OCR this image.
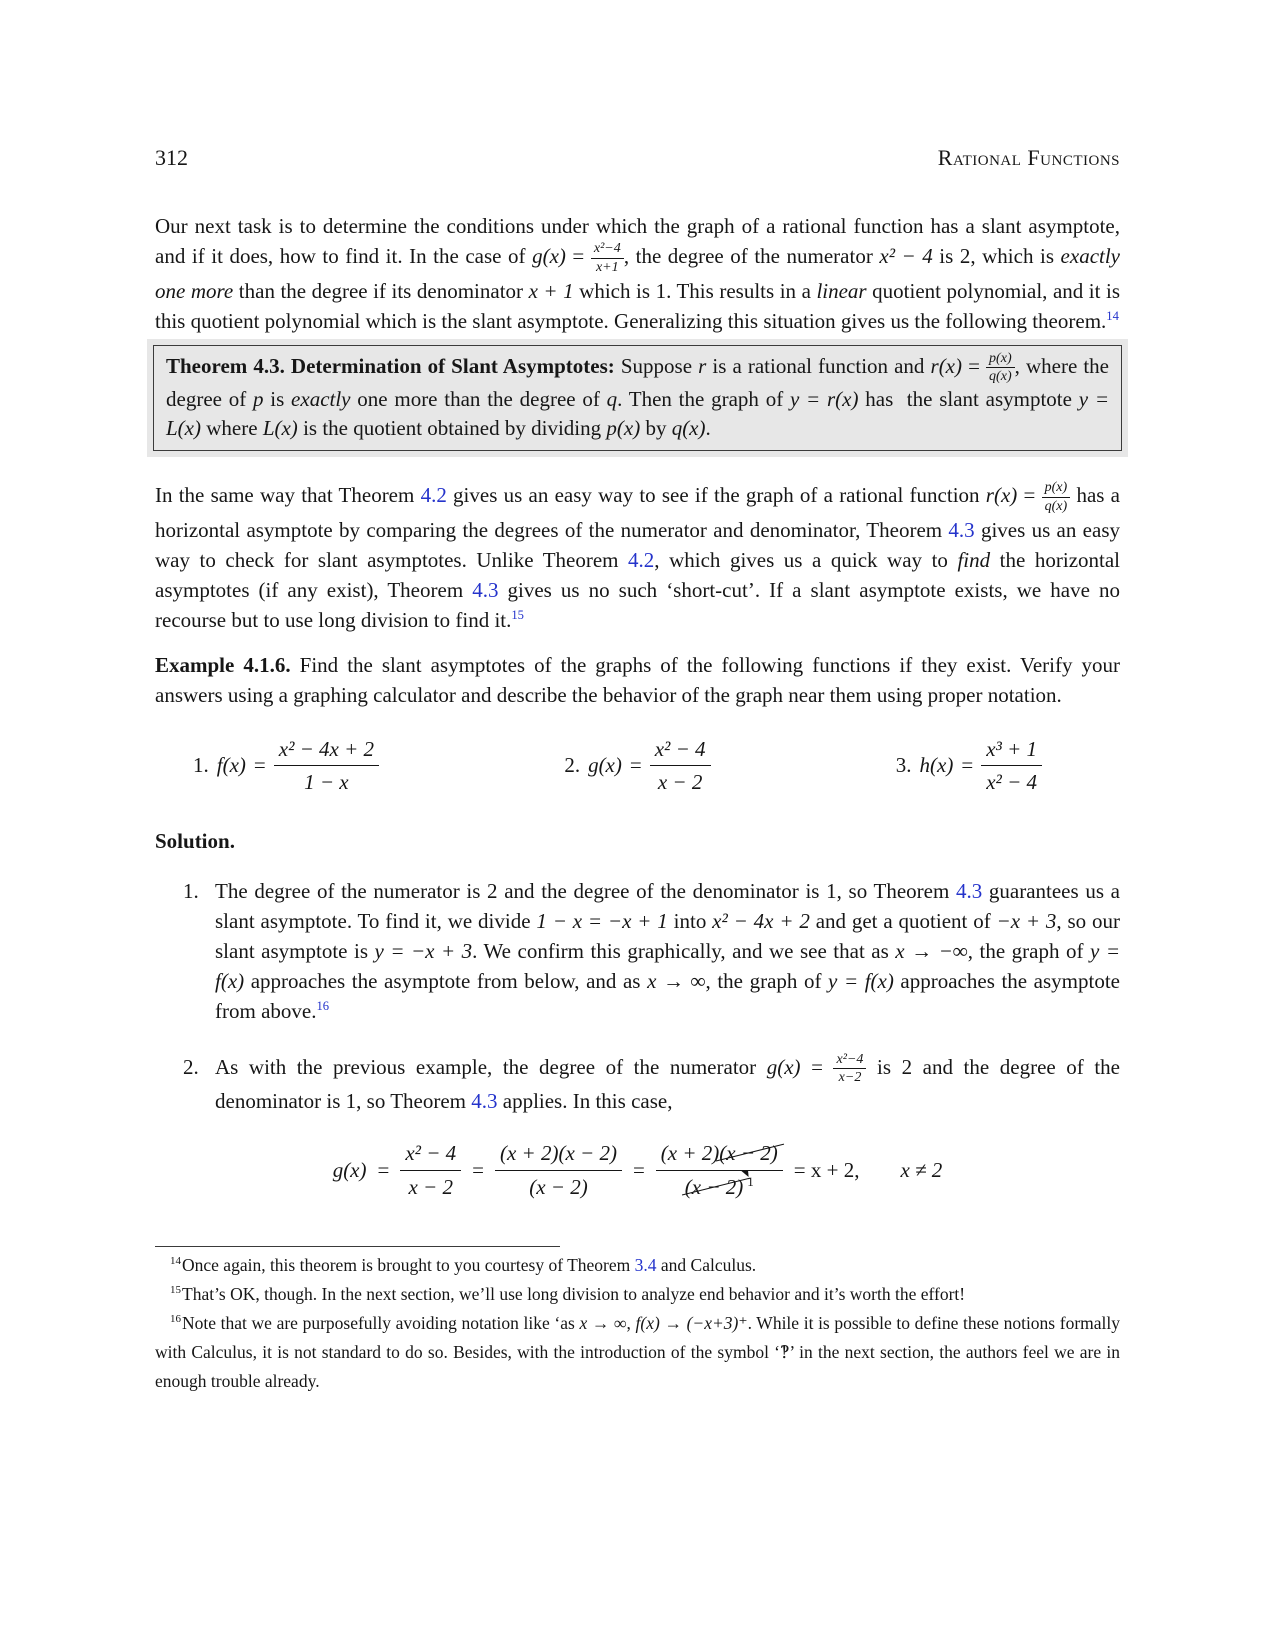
312	Rational Functions

Our next task is to determine the conditions under which the graph of a rational function has a slant asymptote, and if it does, how to find it. In the case of $g(x) = \frac{\text{x²−4}}{x+1}$ , the degree of the numerator x² − 4 is 2, which is exactly one more than the degree if its denominator x + 1 which is 1. This results in a linear quotient polynomial, and it is this quotient polynomial which is the slant asymptote. Generalizing this situation gives us the following theorem.$^{14}$

Theorem 4.3. Determination of Slant Asymptotes: Suppose r is a rational function and $r(x) = \frac{p(x)}{q(x)}$ , where the degree of p is exactly one more than the degree of q. Then the graph of y = r(x) has  the slant asymptote y = L(x) where L(x) is the quotient obtained by dividing p(x) by q(x).

In the same way that Theorem 4.2 gives us an easy way to see if the graph of a rational function $r(x) = \frac{p(x)}{q(x)}$ has a horizontal asymptote by comparing the degrees of the numerator and denominator, Theorem 4.3 gives us an easy way to check for slant asymptotes. Unlike Theorem 4.2, which gives us a quick way to find the horizontal asymptotes (if any exist), Theorem 4.3 gives us no such ‘short-cut’. If a slant asymptote exists, we have no recourse but to use long division to find it.$^{15}$

Example 4.1.6. Find the slant asymptotes of the graphs of the following functions if they exist. Verify your answers using a graphing calculator and describe the behavior of the graph near them using proper notation.

1. $f(x) = \frac{\text{x² − 4x + 2}}{1 - x}$	2. $g(x) = \frac{\text{x² − 4}}{x - 2}$	3. $h(x) = \frac{\text{x³ + 1}}{\text{x² − 4}}$

Solution.

1. The degree of the numerator is 2 and the degree of the denominator is 1, so Theorem 4.3 guarantees us a slant asymptote. To find it, we divide 1 − x = −x + 1 into x² − 4x + 2 and get a quotient of −x + 3, so our slant asymptote is y = −x + 3. We confirm this graphically, and we see that as x → −∞, the graph of y = f(x) approaches the asymptote from below, and as x → ∞, the graph of y = f(x) approaches the asymptote from above.$^{16}$

2. As with the previous example, the degree of the numerator $g(x) = \frac{\text{x²−4}}{x-2}$ is 2 and the degree of the denominator is 1, so Theorem 4.3 applies. In this case,

$g(x) = \frac{\text{x² − 4}}{x - 2} = \frac{(x + 2)(x - 2)}{(x - 2)} = \frac{(x + 2)(x - 2)}{(x - 2) ^1} = x + 2$, x ≠ 2

$^{14}$Once again, this theorem is brought to you courtesy of Theorem 3.4 and Calculus.

$^{15}$That’s OK, though. In the next section, we’ll use long division to analyze end behavior and it’s worth the effort!

$^{16}$Note that we are purposefully avoiding notation like ‘as x → ∞, f(x) → (−x+3)⁺. While it is possible to define these notions formally with Calculus, it is not standard to do so. Besides, with the introduction of the symbol ‘‽’ in the next section, the authors feel we are in enough trouble already.
